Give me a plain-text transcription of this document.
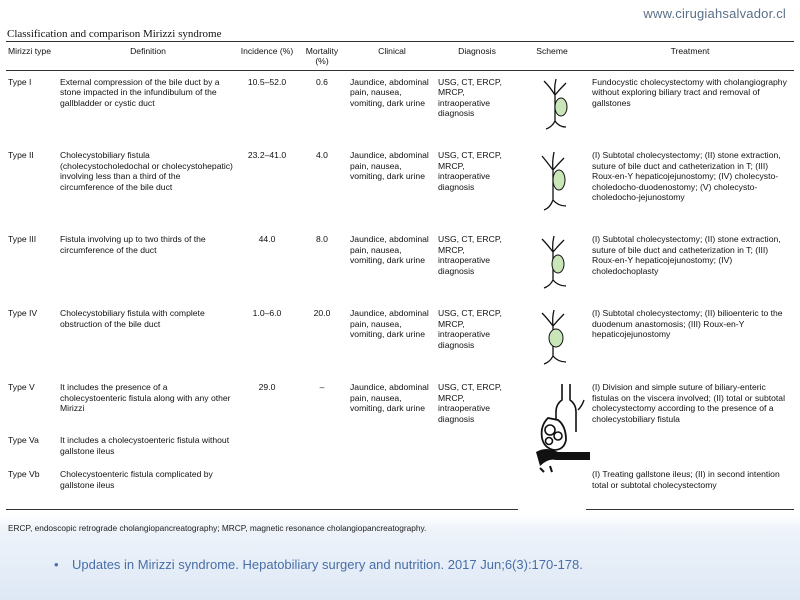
www.cirugiahsalvador.cl
Classification and comparison Mirizzi syndrome
Mirizzi type	Definition	Incidence (%)	Mortality (%)	Clinical	Diagnosis	Scheme	Treatment
Type I	External compression of the bile duct by a stone impacted in the infundibulum of the gallbladder or cystic duct	10.5–52.0	0.6	Jaundice, abdominal pain, nausea, vomiting, dark urine	USG, CT, ERCP, MRCP, intraoperative diagnosis		Fundocystic cholecystectomy with cholangiography without exploring biliary tract and removal of gallstones
Type II	Cholecystobiliary fistula (cholecystocholedochal or cholecystohepatic) involving less than a third of the circumference of the bile duct	23.2–41.0	4.0	Jaundice, abdominal pain, nausea, vomiting, dark urine	USG, CT, ERCP, MRCP, intraoperative diagnosis		(I) Subtotal cholecystectomy; (II) stone extraction, suture of bile duct and catheterization in T; (III) Roux-en-Y hepaticojejunostomy; (IV) cholecysto-choledocho-duodenostomy; (V) cholecysto-choledocho-jejunostomy
Type III	Fistula involving up to two thirds of the circumference of the duct	44.0	8.0	Jaundice, abdominal pain, nausea, vomiting, dark urine	USG, CT, ERCP, MRCP, intraoperative diagnosis		(I) Subtotal cholecystectomy; (II) stone extraction, suture of bile duct and catheterization in T; (III) Roux-en-Y hepaticojejunostomy; (IV) choledochoplasty
Type IV	Cholecystobiliary fistula with complete obstruction of the bile duct	1.0–6.0	20.0	Jaundice, abdominal pain, nausea, vomiting, dark urine	USG, CT, ERCP, MRCP, intraoperative diagnosis		(I) Subtotal cholecystectomy; (II) bilioenteric to the duodenum anastomosis; (III) Roux-en-Y hepaticojejunostomy
Type V	It includes the presence of a cholecystoenteric fistula along with any other Mirizzi	29.0	–	Jaundice, abdominal pain, nausea, vomiting, dark urine	USG, CT, ERCP, MRCP, intraoperative diagnosis		(I) Division and simple suture of biliary-enteric fistulas on the viscera involved; (II) total or subtotal cholecystectomy according to the presence of a cholecystobiliary fistula
Type Va	It includes a cholecystoenteric fistula without gallstone ileus						
Type Vb	Cholecystoenteric fistula complicated by gallstone ileus						(I) Treating gallstone ileus; (II) in second intention total or subtotal cholecystectomy
ERCP, endoscopic retrograde cholangiopancreatography; MRCP, magnetic resonance cholangiopancreatography.
• Updates in Mirizzi syndrome. Hepatobiliary surgery and nutrition. 2017 Jun;6(3):170-178.
